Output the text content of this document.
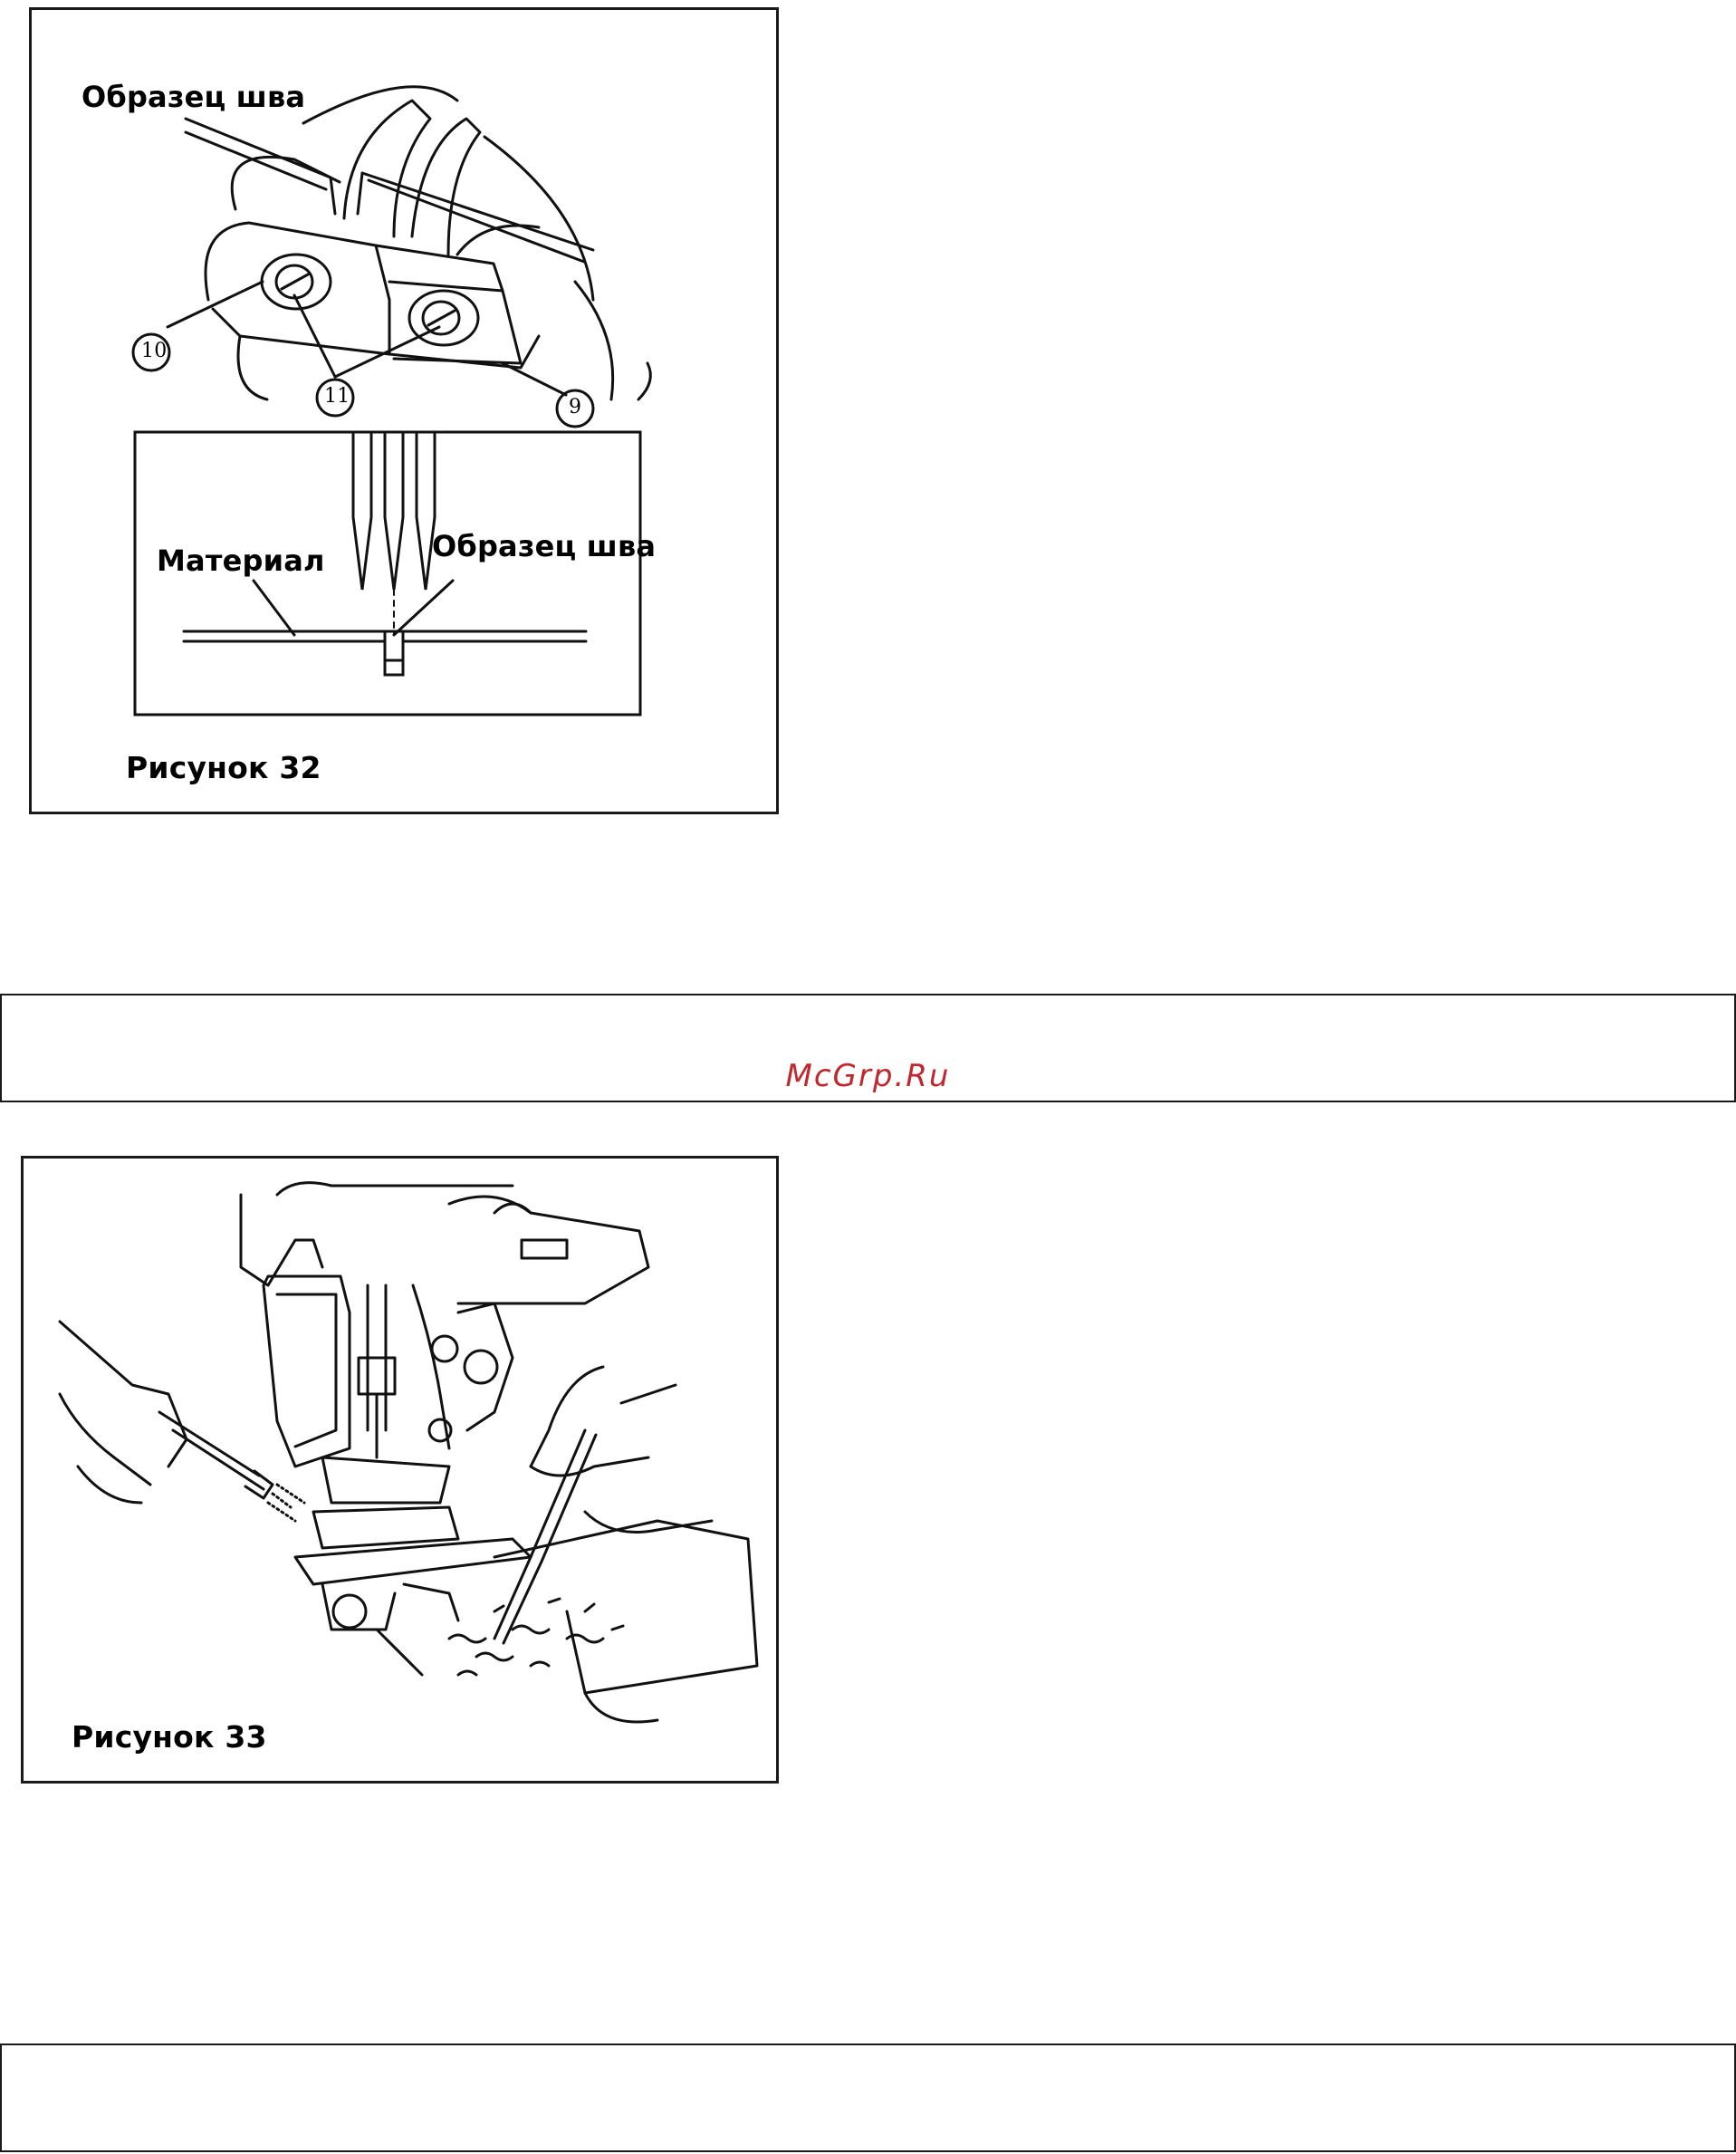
Образец шва
10
11	9
Материал	Образец шва
Рисунок 32
McGrp.Ru
Рисунок 33
